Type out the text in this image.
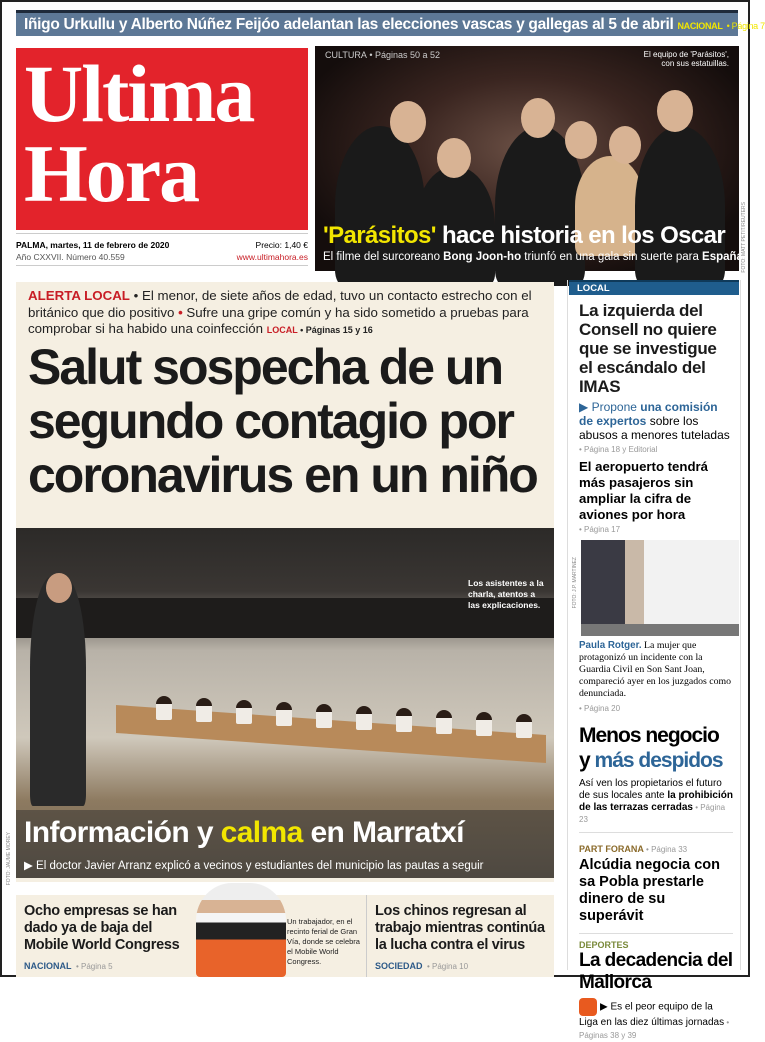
Iñigo Urkullu y Alberto Núñez Feijóo adelantan las elecciones vascas y gallegas al 5 de abril NACIONAL • Página 7
Ultima
Hora
Precio: 1,40 €
www.ultimahora.es
PALMA, martes, 11 de febrero de 2020
Año CXXVII. Número 40.559
CULTURA • Páginas 50 a 52	El equipo de 'Parásitos', con sus estatuillas.
'Parásitos' hace historia en los Oscar
El filme del surcoreano Bong Joon-ho triunfó en una gala sin suerte para España
FOTO: MATT PETIT/REUTERS
ALERTA LOCAL • El menor, de siete años de edad, tuvo un contacto estrecho con el británico que dio positivo • Sufre una gripe común y ha sido sometido a pruebas para comprobar si ha habido una coinfección LOCAL • Páginas 15 y 16
Salut sospecha de un segundo contagio por coronavirus en un niño
Los asistentes a la charla, atentos a las explicaciones.
Información y calma en Marratxí
▶ El doctor Javier Arranz explicó a vecinos y estudiantes del municipio las pautas a seguir
FOTO: JAUME MOREY
Ocho empresas se han dado ya de baja del Mobile World Congress
NACIONAL • Página 5
Un trabajador, en el recinto ferial de Gran Vía, donde se celebra el Mobile World Congress.
Los chinos regresan al trabajo mientras continúa la lucha contra el virus
SOCIEDAD • Página 10
LOCAL
La izquierda del Consell no quiere que se investigue el escándalo del IMAS
▶ Propone una comisión de expertos sobre los abusos a menores tuteladas
• Página 18 y Editorial
El aeropuerto tendrá más pasajeros sin ampliar la cifra de aviones por hora
• Página 17
Paula Rotger. La mujer que protagonizó un incidente con la Guardia Civil en Son Sant Joan, compareció ayer en los juzgados como denunciada.
• Página 20
Menos negocio
y más despidos
Así ven los propietarios el futuro de sus locales ante la prohibición de las terrazas cerradas • Página 23
PART FORANA • Página 33
Alcúdia negocia con sa Pobla prestarle dinero de su superávit
DEPORTES
La decadencia del Mallorca
▶ Es el peor equipo de la Liga en las diez últimas jornadas • Páginas 38 y 39
FOTO: J.P. MARTINEZ
